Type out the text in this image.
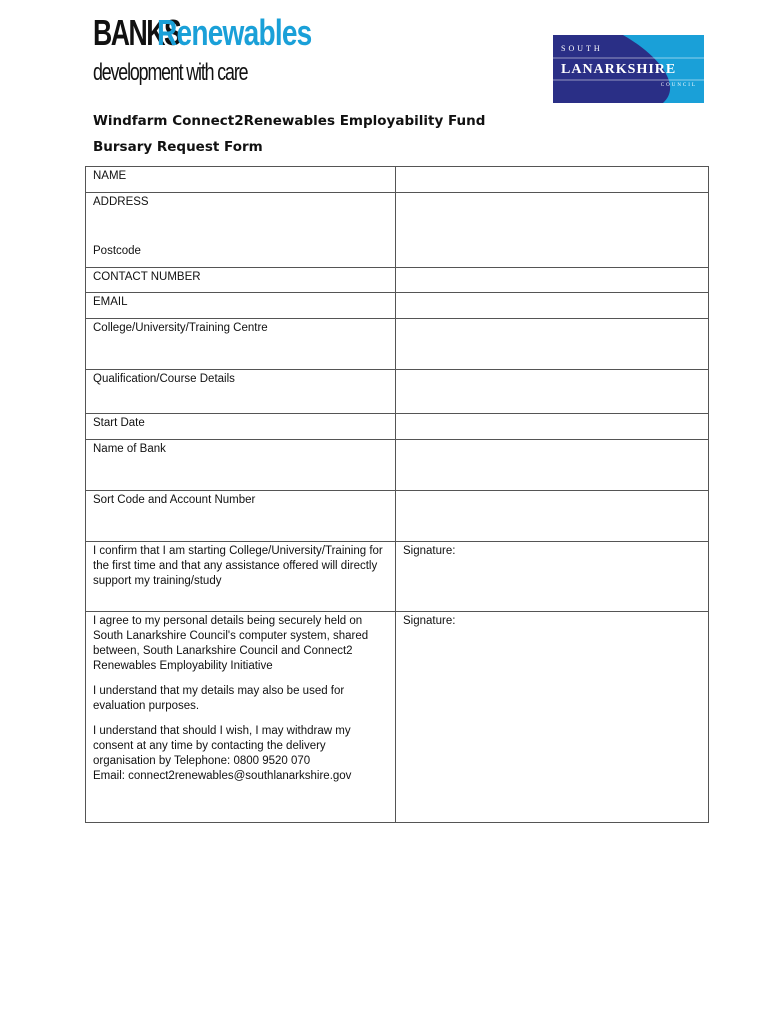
BANKS
Renewables
development with care
SOUTH
LANARKSHIRE
COUNCIL
Windfarm Connect2Renewables Employability Fund
Bursary Request Form
NAME	
ADDRESS
Postcode	

CONTACT NUMBER	
EMAIL	
College/University/Training Centre	
Qualification/Course Details	
Start Date	
Name of Bank	
Sort Code and Account Number	
I confirm that I am starting College/University/Training for the first time and that any assistance offered will directly support my training/study	Signature:

I agree to my personal details being securely held on South Lanarkshire Council's computer system, shared between, South Lanarkshire Council and Connect2 Renewables Employability Initiative

I understand that my details may also be used for evaluation purposes.

I understand that should I wish, I may withdraw my consent at any time by contacting the delivery organisation by Telephone: 0800 9520 070
Email: connect2renewables@southlanarkshire.gov	Signature:
